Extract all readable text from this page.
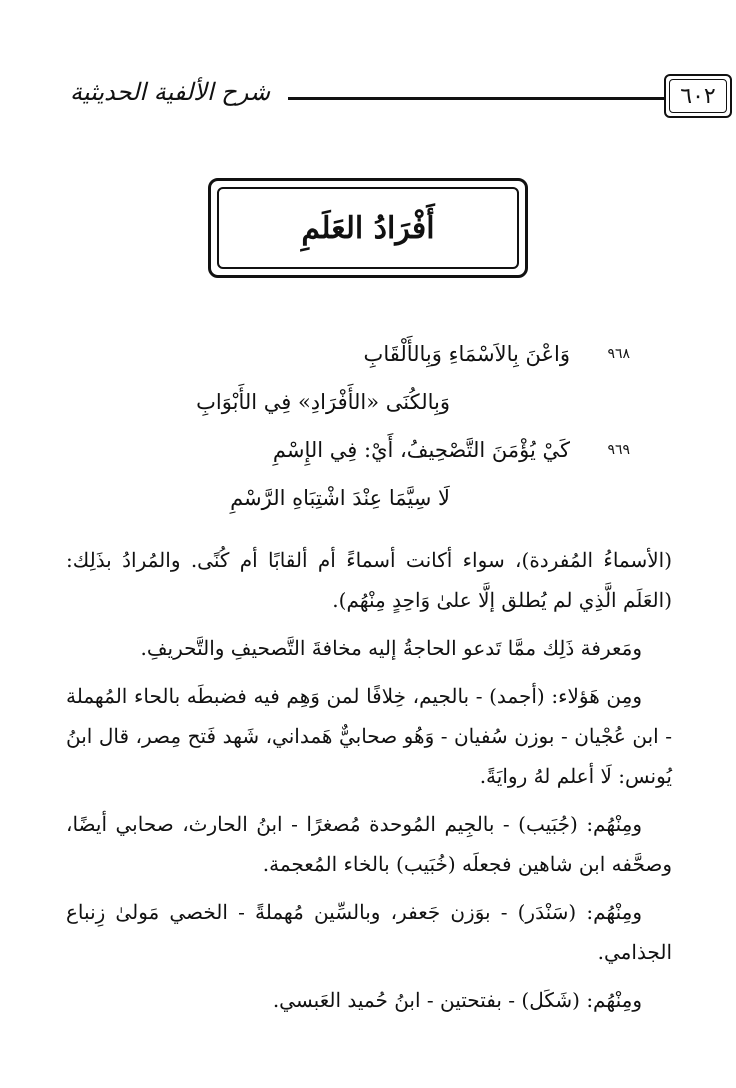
شرح الألفية الحديثية	٦٠٢
أَفْرَادُ العَلَمِ
٩٦٨
وَاعْنَ بِالاَسْمَاءِ وَبِالأَلْقَابِ
وَبِالكُنَى «الأَفْرَادِ» فِي الأَبْوَابِ
٩٦٩
كَيْ يُؤْمَنَ التَّصْحِيفُ، أَيْ: فِي الإِسْمِ
لَا سِيَّمَا عِنْدَ اشْتِبَاهِ الرَّسْمِ

(الأسماءُ المُفردة)، سواء أكانت أسماءً أم ألقابًا أم كُنًى. والمُرادُ بذَلِك: (العَلَم الَّذِي لم يُطلق إلَّا علىٰ وَاحِدٍ مِنْهُم).

ومَعرفة ذَلِك ممَّا تَدعو الحاجةُ إليه مخافةَ التَّصحيفِ والتَّحريفِ.

ومِن هَؤلاء: (أجمد) - بالجيم، خِلافًا لمن وَهِم فيه فضبطَه بالحاء المُهملة - ابن عُجْيان - بوزن سُفيان - وَهُو صحابيٌّ هَمداني، شَهد فَتح مِصر، قال ابنُ يُونس: لَا أعلم لهُ روايَةً.

ومِنْهُم: (جُبَيب) - بالجِيم المُوحدة مُصغرًا - ابنُ الحارث، صحابي أيضًا، وصحَّفه ابن شاهين فجعلَه (خُبَيب) بالخاء المُعجمة.

ومِنْهُم: (سَنْدَر) - بوَزن جَعفر، وبالسِّين مُهملةً - الخصي مَولىٰ زِنباع الجذامي.

ومِنْهُم: (شَكَل) - بفتحتين - ابنُ حُميد العَبسي.
